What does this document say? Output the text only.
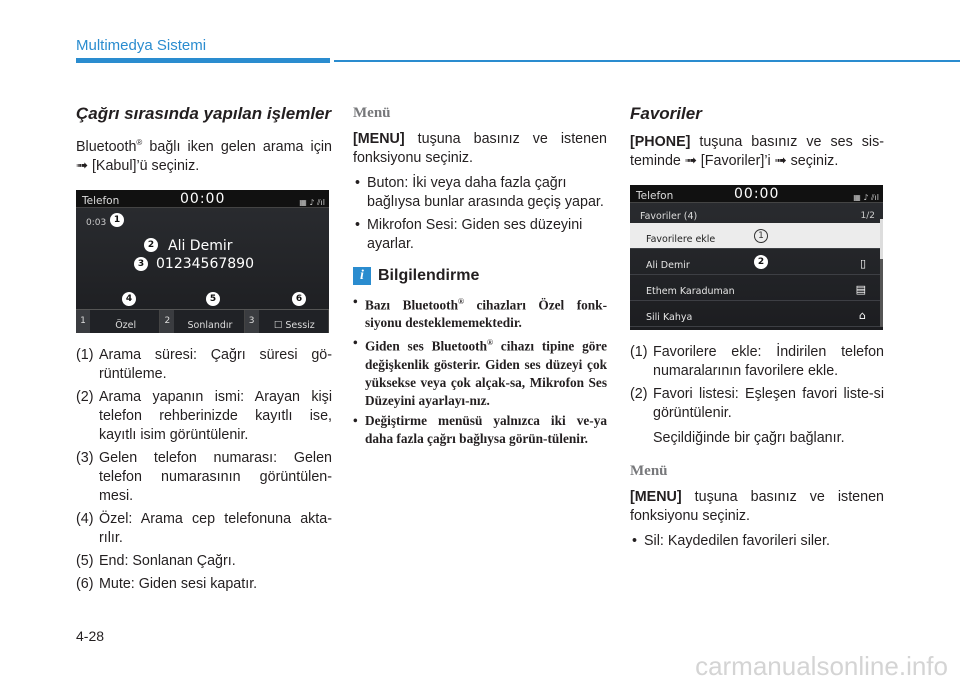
Multimedya Sistemi
Çağrı sırasında yapılan işlemler

Bluetooth® bağlı iken gelen arama için ➟ [Kabul]’ü seçiniz.

Telefon	00:00	▦ ♪ ⫽ıl
0:03 1
2 Ali Demir
3 01234567890
4	5	6
1	Özel	2	Sonlandır	3	☐ Sessiz
(1) Arama süresi: Çağrı süresi gö-rüntüleme.
(2) Arama yapanın ismi: Arayan kişi telefon rehberinizde kayıtlı ise, kayıtlı isim görüntülenir.
(3) Gelen telefon numarası: Gelen telefon numarasının görüntülen-mesi.
(4) Özel: Arama cep telefonuna akta-rılır.
(5) End: Sonlanan Çağrı.
(6) Mute: Giden sesi kapatır.
Menü

[MENU] tuşuna basınız ve istenen fonksiyonu seçiniz.

• Buton: İki veya daha fazla çağrı bağlıysa bunlar arasında geçiş yapar.
• Mikrofon Sesi: Giden ses düzeyini ayarlar.
i Bilgilendirme
• Bazı Bluetooth® cihazları Özel fonk-siyonu desteklememektedir.
• Giden ses Bluetooth® cihazı tipine göre değişkenlik gösterir. Giden ses düzeyi çok yüksekse veya çok alçak-sa, Mikrofon Ses Düzeyini ayarlayı-nız.
• Değiştirme menüsü yalnızca iki ve-ya daha fazla çağrı bağlıysa görün-tülenir.
Favoriler

[PHONE] tuşuna basınız ve ses sis-teminde ➟ [Favoriler]’i ➟ seçiniz.

Telefon	00:00	▦ ♪ ⫽ıl
Favoriler (4)	1/2
Favorilere ekle	1
Ali Demir	2	▯
Ethem Karaduman	▤
Sili Kahya	⌂
(1) Favorilere ekle: İndirilen telefon numaralarının favorilere ekle.
(2) Favori listesi: Eşleşen favori liste-si görüntülenir.
Seçildiğinde bir çağrı bağlanır.
Menü

[MENU] tuşuna basınız ve istenen fonksiyonu seçiniz.

• Sil: Kaydedilen favorileri siler.
4-28
carmanualsonline.info
